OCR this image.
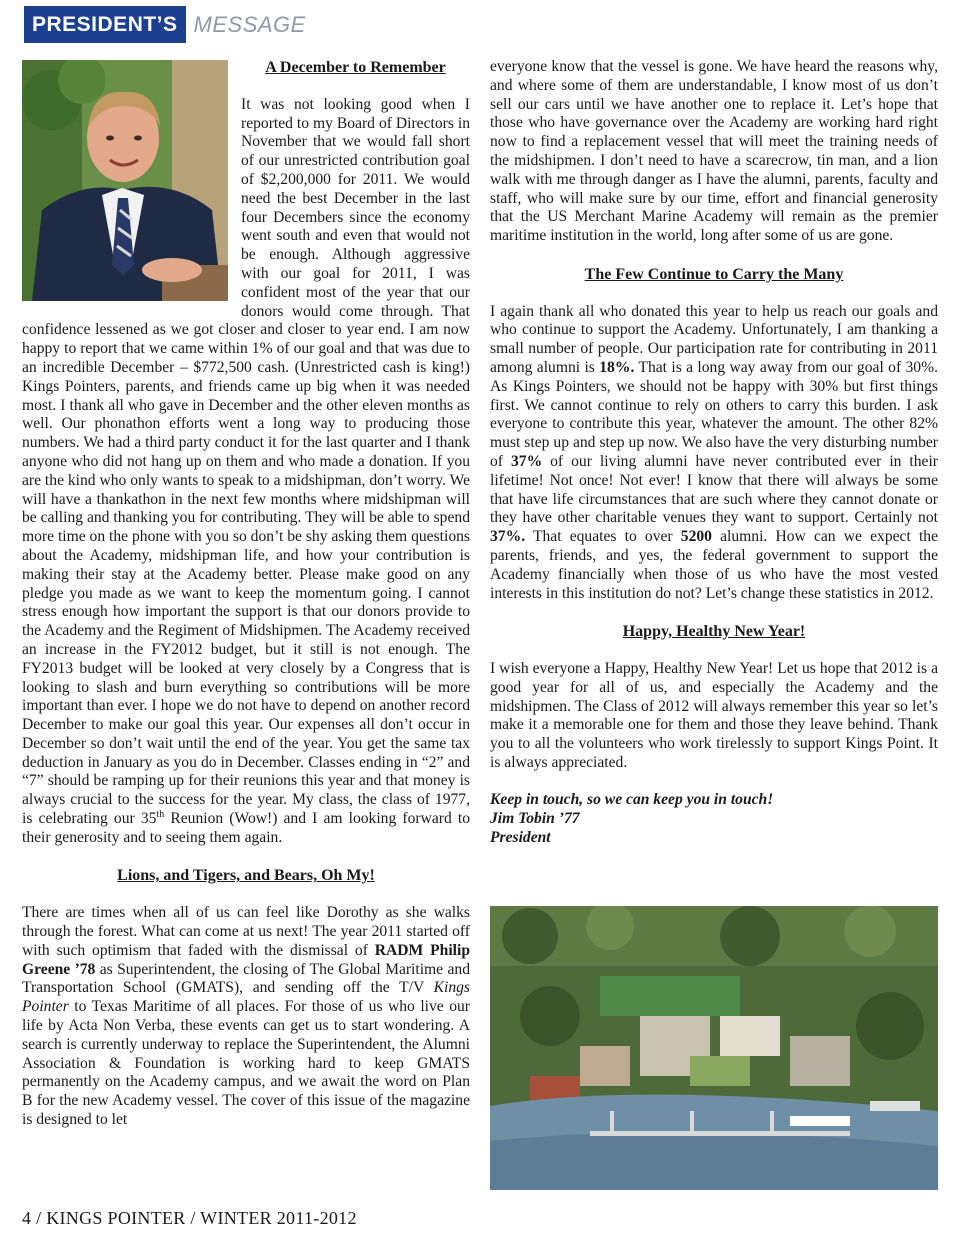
PRESIDENT’S MESSAGE

A December to Remember

It was not looking good when I reported to my Board of Directors in November that we would fall short of our unrestricted contribution goal of $2,200,000 for 2011. We would need the best December in the last four Decembers since the economy went south and even that would not be enough. Although aggressive with our goal for 2011, I was confident most of the year that our donors would come through. That confidence lessened as we got closer and closer to year end. I am now happy to report that we came within 1% of our goal and that was due to an incredible December – $772,500 cash. (Unrestricted cash is king!) Kings Pointers, parents, and friends came up big when it was needed most. I thank all who gave in December and the other eleven months as well. Our phonathon efforts went a long way to producing those numbers. We had a third party conduct it for the last quarter and I thank anyone who did not hang up on them and who made a donation. If you are the kind who only wants to speak to a midshipman, don’t worry. We will have a thankathon in the next few months where midshipman will be calling and thanking you for contributing. They will be able to spend more time on the phone with you so don’t be shy asking them questions about the Academy, midshipman life, and how your contribution is making their stay at the Academy better. Please make good on any pledge you made as we want to keep the momentum going. I cannot stress enough how important the support is that our donors provide to the Academy and the Regiment of Midshipmen. The Academy received an increase in the FY2012 budget, but it still is not enough. The FY2013 budget will be looked at very closely by a Congress that is looking to slash and burn everything so contributions will be more important than ever. I hope we do not have to depend on another record December to make our goal this year. Our expenses all don’t occur in December so don’t wait until the end of the year. You get the same tax deduction in January as you do in December. Classes ending in “2” and “7” should be ramping up for their reunions this year and that money is always crucial to the success for the year. My class, the class of 1977, is celebrating our 35th Reunion (Wow!) and I am looking forward to their generosity and to seeing them again.

Lions, and Tigers, and Bears, Oh My!

There are times when all of us can feel like Dorothy as she walks through the forest. What can come at us next! The year 2011 started off with such optimism that faded with the dismissal of RADM Philip Greene ’78 as Superintendent, the closing of The Global Maritime and Transportation School (GMATS), and sending off the T/V Kings Pointer to Texas Maritime of all places. For those of us who live our life by Acta Non Verba, these events can get us to start wondering. A search is currently underway to replace the Superintendent, the Alumni Association & Foundation is working hard to keep GMATS permanently on the Academy campus, and we await the word on Plan B for the new Academy vessel. The cover of this issue of the magazine is designed to let

everyone know that the vessel is gone. We have heard the reasons why, and where some of them are understandable, I know most of us don’t sell our cars until we have another one to replace it. Let’s hope that those who have governance over the Academy are working hard right now to find a replacement vessel that will meet the training needs of the midshipmen. I don’t need to have a scarecrow, tin man, and a lion walk with me through danger as I have the alumni, parents, faculty and staff, who will make sure by our time, effort and financial generosity that the US Merchant Marine Academy will remain as the premier maritime institution in the world, long after some of us are gone.

The Few Continue to Carry the Many

I again thank all who donated this year to help us reach our goals and who continue to support the Academy. Unfortunately, I am thanking a small number of people. Our participation rate for contributing in 2011 among alumni is 18%. That is a long way away from our goal of 30%. As Kings Pointers, we should not be happy with 30% but first things first. We cannot continue to rely on others to carry this burden. I ask everyone to contribute this year, whatever the amount. The other 82% must step up and step up now. We also have the very disturbing number of 37% of our living alumni have never contributed ever in their lifetime! Not once! Not ever! I know that there will always be some that have life circumstances that are such where they cannot donate or they have other charitable venues they want to support. Certainly not 37%. That equates to over 5200 alumni. How can we expect the parents, friends, and yes, the federal government to support the Academy financially when those of us who have the most vested interests in this institution do not? Let’s change these statistics in 2012.

Happy, Healthy New Year!

I wish everyone a Happy, Healthy New Year! Let us hope that 2012 is a good year for all of us, and especially the Academy and the midshipmen. The Class of 2012 will always remember this year so let’s make it a memorable one for them and those they leave behind. Thank you to all the volunteers who work tirelessly to support Kings Point. It is always appreciated.

Keep in touch, so we can keep you in touch!

Jim Tobin ’77

President

4 / KINGS POINTER / WINTER 2011-2012
